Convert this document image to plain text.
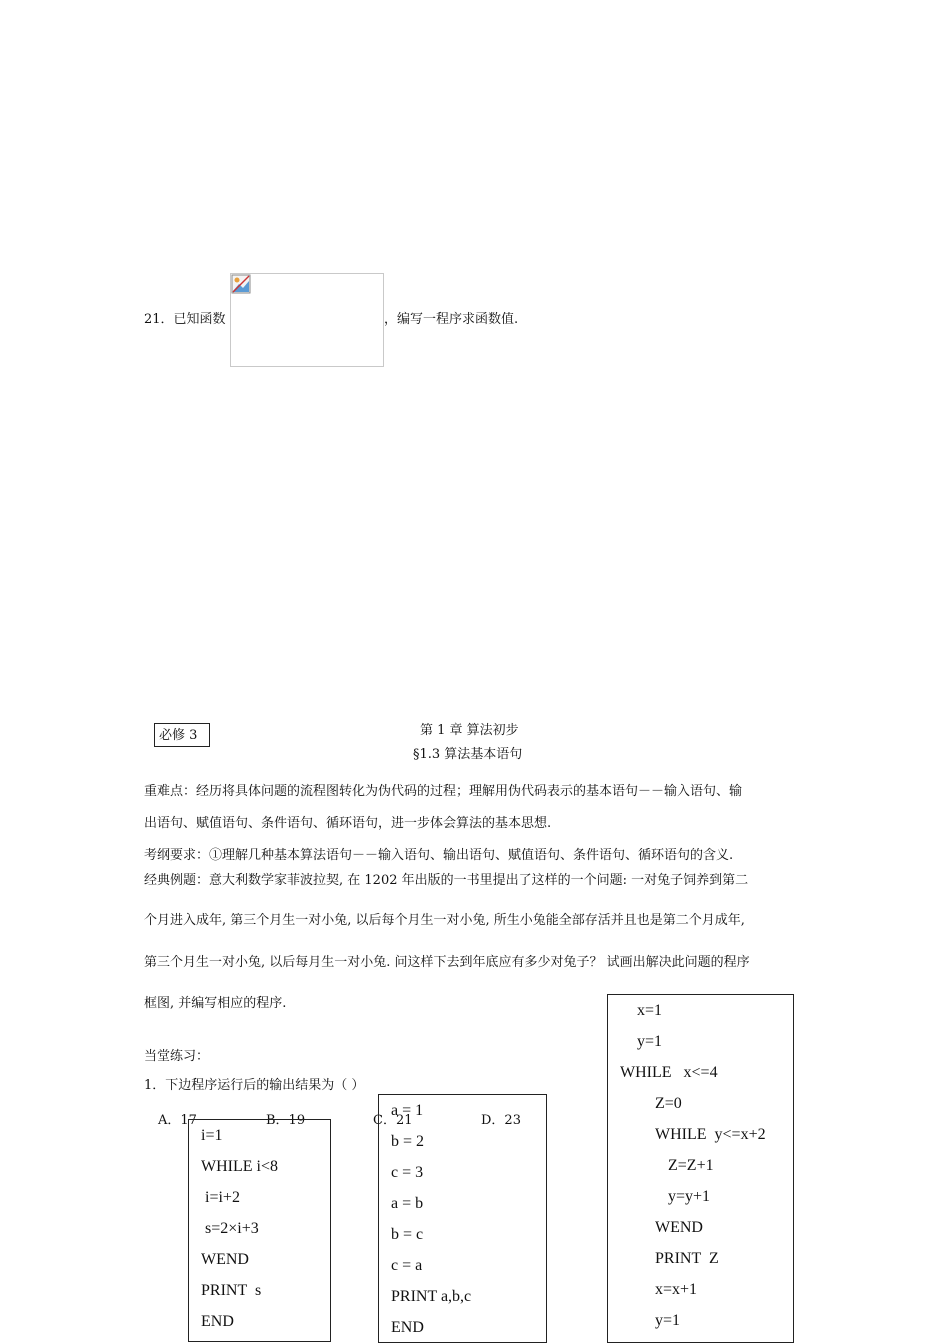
21．已知函数	，编写一程序求函数值.
必修 3	第 1 章 算法初步
§1.3 算法基本语句
重难点：经历将具体问题的流程图转化为伪代码的过程；理解用伪代码表示的基本语句－－输入语句、输
出语句、赋值语句、条件语句、循环语句，进一步体会算法的基本思想.
考纲要求：①理解几种基本算法语句－－输入语句、输出语句、赋值语句、条件语句、循环语句的含义.
经典例题：意大利数学家菲波拉契, 在 1202 年出版的一书里提出了这样的一个问题: 一对兔子饲养到第二
个月进入成年, 第三个月生一对小兔, 以后每个月生一对小兔, 所生小兔能全部存活并且也是第二个月成年,
第三个月生一对小兔, 以后每月生一对小兔. 问这样下去到年底应有多少对兔子？ 试画出解决此问题的程序
框图, 并编写相应的程序.
当堂练习：
1．下边程序运行后的输出结果为（ ）
A．17	B．19	C．21	D．23
i=1
WHILE i<8
i=i+2
s=2×i+3
WEND
PRINT  s
END
a = 1
b = 2
c = 3
a = b
b = c
c = a
PRINT a,b,c
END
x=1
y=1
WHILE   x<=4
Z=0
WHILE  y<=x+2
Z=Z+1
y=y+1
WEND
PRINT  Z
x=x+1
y=1
